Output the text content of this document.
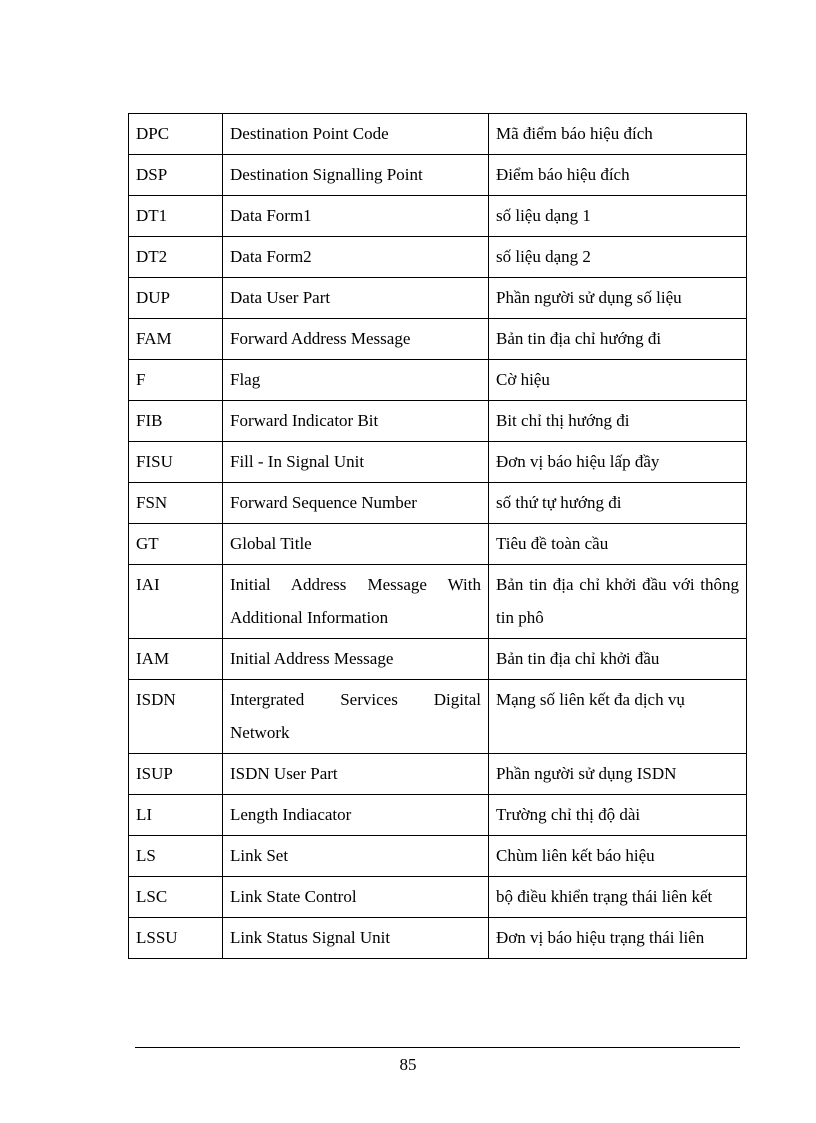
DPC	Destination Point Code	Mã điểm báo hiệu đích
DSP	Destination Signalling Point	Điểm báo hiệu đích
DT1	Data Form1	số liệu dạng 1
DT2	Data Form2	số liệu dạng 2
DUP	Data User Part	Phần người sử dụng số liệu
FAM	Forward Address Message	Bản tin địa chỉ hướng đi
F	Flag	Cờ hiệu
FIB	Forward Indicator Bit	Bit chỉ thị hướng đi
FISU	Fill - In Signal Unit	Đơn vị báo hiệu lấp đầy
FSN	Forward Sequence Number	số thứ tự hướng đi
GT	Global Title	Tiêu đề toàn cầu
IAI	Initial Address Message With Additional Information	Bản tin địa chỉ khởi đầu với thông tin phô
IAM	Initial Address Message	Bản tin địa chỉ khởi đầu
ISDN	Intergrated Services Digital Network	Mạng số liên kết đa dịch vụ
ISUP	ISDN User Part	Phần người sử dụng ISDN
LI	Length Indiacator	Trường chỉ thị độ dài
LS	Link Set	Chùm liên kết báo hiệu
LSC	Link State Control	bộ điều khiển trạng thái liên kết
LSSU	Link Status Signal Unit	Đơn vị báo hiệu trạng thái liên
85
